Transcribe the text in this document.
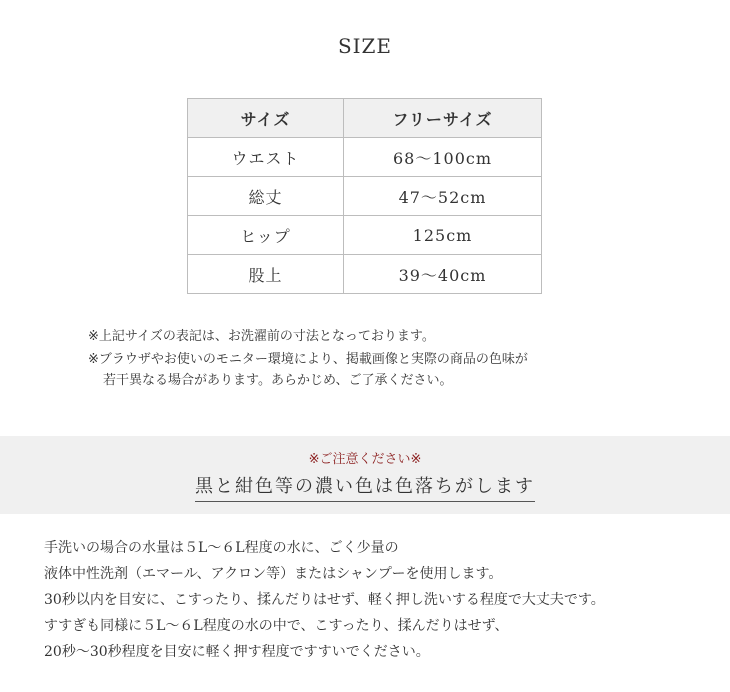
SIZE
サイズ	フリーサイズ
ウエスト	68〜100cm
総丈	47〜52cm
ヒップ	125cm
股上	39〜40cm
※上記サイズの表記は、お洗濯前の寸法となっております。
※ブラウザやお使いのモニター環境により、掲載画像と実際の商品の色味が
若干異なる場合があります。あらかじめ、ご了承ください。
※ご注意ください※
黒と紺色等の濃い色は色落ちがします
手洗いの場合の水量は５L〜６L程度の水に、ごく少量の
液体中性洗剤（エマール、アクロン等）またはシャンプーを使用します。
30秒以内を目安に、こすったり、揉んだりはせず、軽く押し洗いする程度で大丈夫です。
すすぎも同様に５L〜６L程度の水の中で、こすったり、揉んだりはせず、
20秒〜30秒程度を目安に軽く押す程度ですすいでください。
